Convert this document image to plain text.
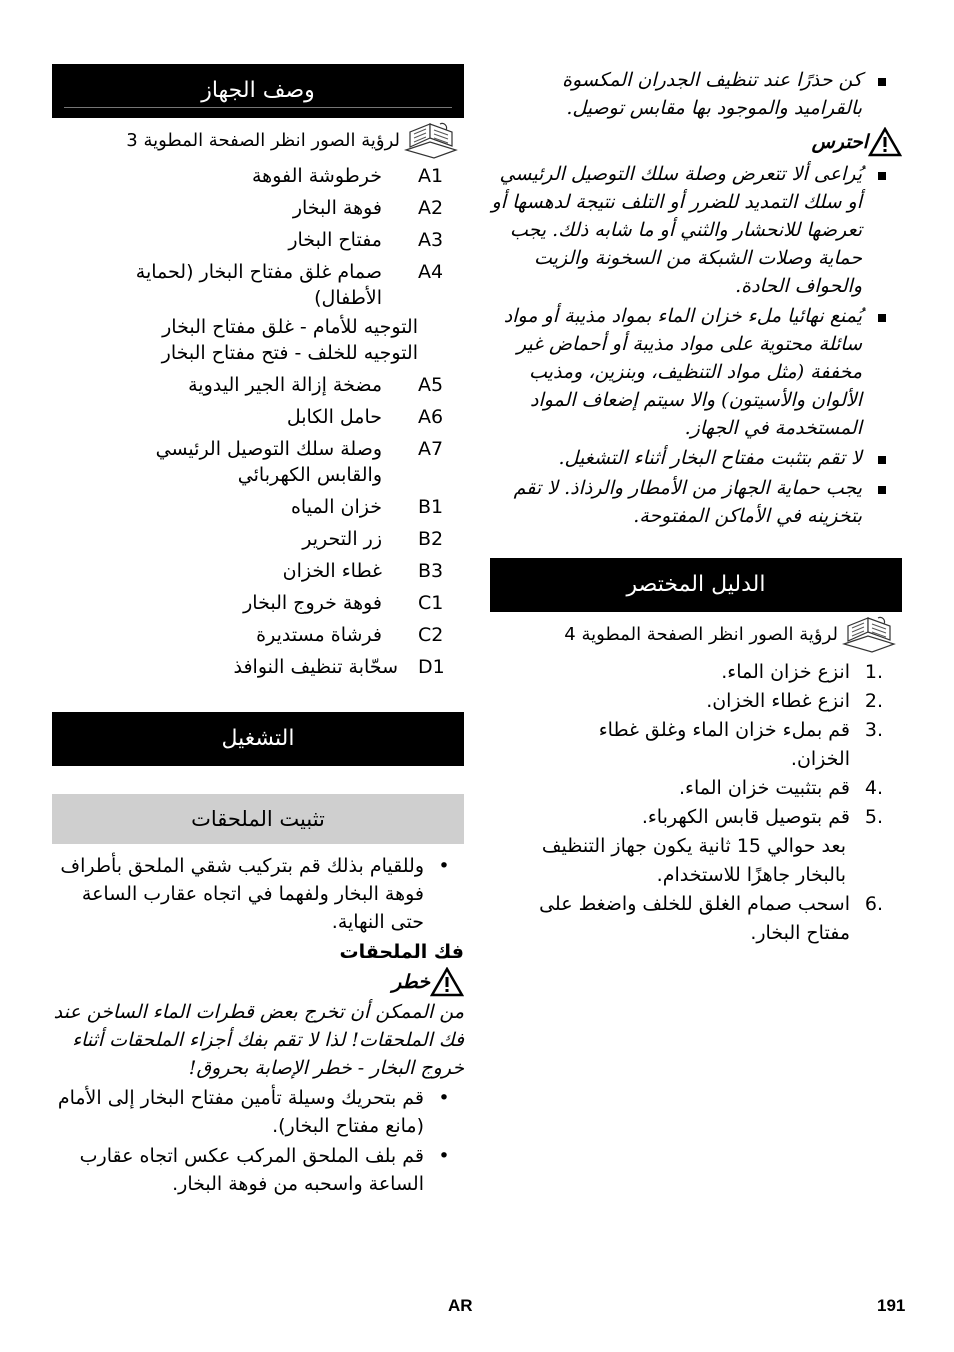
وصف الجهاز
لرؤية الصور انظر الصفحة المطوية 3
A1
خرطوشة الفوهة
A2
فوهة البخار
A3
مفتاح البخار
A4
صمام غلق مفتاح البخار (لحماية الأطفال)
التوجيه للأمام - غلق مفتاح البخار
التوجيه للخلف - فتح مفتاح البخار
A5
مضخة إزالة الجير اليدوية
A6
حامل الكابل
A7
وصلة سلك التوصيل الرئيسي والقابس الكهربائي
B1
خزان المياه
B2
زر التحرير
B3
غطاء الخزان
C1
فوهة خروج البخار
C2
فرشاة مستديرة
D1
سحّابة تنظيف النوافذ
التشغيل
تثبيت الملحقات
•
وللقيام بذلك قم بتركيب شقي الملحق بأطراف فوهة البخار ولفهما في اتجاه عقارب الساعة حتى النهاية.
فك الملحقات
خطر
من الممكن أن تخرج بعض قطرات الماء الساخن عند فك الملحقات! لذا لا تقم بفك أجزاء الملحقات أثناء خروج البخار - خطر الإصابة بحروق!
•
قم بتحريك وسيلة تأمين مفتاح البخار إلى الأمام (مانع مفتاح البخار).
•
قم بلف الملحق المركب عكس اتجاه عقارب الساعة واسحبه من فوهة البخار.
كن حذرًا عند تنظيف الجدران المكسوة بالقراميد والموجود بها مقابس توصيل.
احترس
يُراعى ألا تتعرض وصلة سلك التوصيل الرئيسي أو سلك التمديد للضرر أو التلف نتيجة لدهسها أو تعرضها للانحشار والثني أو ما شابه ذلك. يجب حماية وصلات الشبكة من السخونة والزيت والحواف الحادة.
يُمنع نهائيا ملء خزان الماء بمواد مذيبة أو مواد سائلة محتوية على مواد مذيبة أو أحماض غير مخففة (مثل مواد التنظيف، وبنزين، ومذيب الألوان والأسيتون) والا سيتم إضعاف المواد المستخدمة في الجهاز.
لا تقم بتثبت مفتاح البخار أثناء التشغيل.
يجب حماية الجهاز من الأمطار والرذاذ. لا تقم بتخزينه في الأماكن المفتوحة.
الدليل المختصر
لرؤية الصور انظر الصفحة المطوية 4
1.
انزع خزان الماء.
2.
انزع غطاء الخزان.
3.
قم بملء خزان الماء وغلق غطاء الخزان.
4.
قم بتثبيت خزان الماء.
5.
قم بتوصيل قابس الكهرباء.
بعد حوالي 15 ثانية يكون جهاز التنظيف بالبخار جاهزًا للاستخدام.
6.
اسحب صمام الغلق للخلف واضغط على مفتاح البخار.
AR	191
